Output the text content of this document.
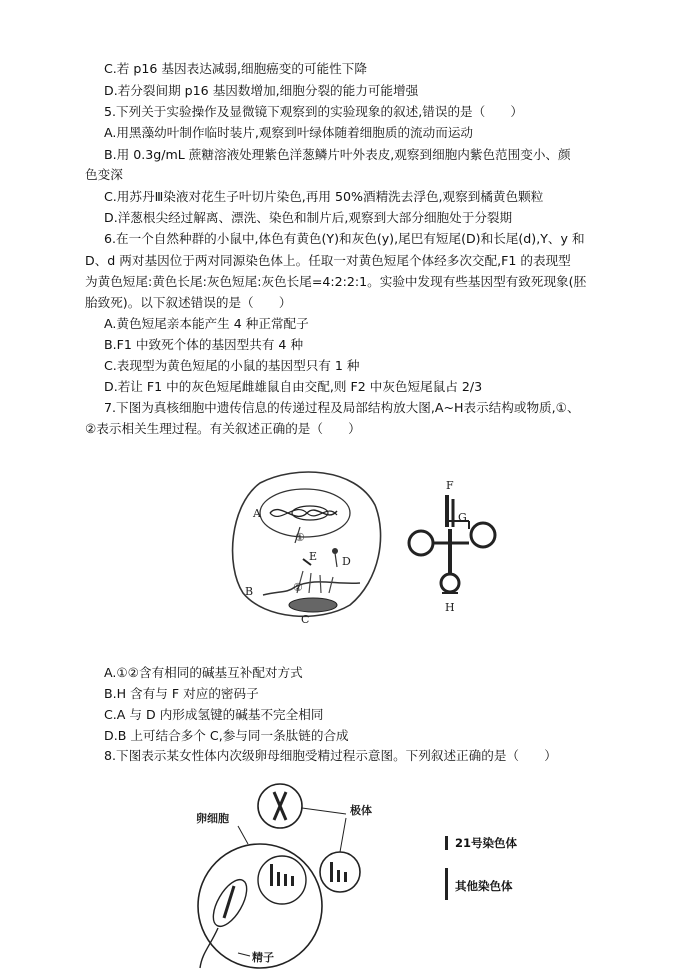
C.若 p16 基因表达减弱,细胞癌变的可能性下降
D.若分裂间期 p16 基因数增加,细胞分裂的能力可能增强
5.下列关于实验操作及显微镜下观察到的实验现象的叙述,错误的是（　　）
A.用黑藻幼叶制作临时装片,观察到叶绿体随着细胞质的流动而运动
B.用 0.3g/mL 蔗糖溶液处理紫色洋葱鳞片叶外表皮,观察到细胞内紫色范围变小、颜
色变深
C.用苏丹Ⅲ染液对花生子叶切片染色,再用 50%酒精洗去浮色,观察到橘黄色颗粒
D.洋葱根尖经过解离、漂洗、染色和制片后,观察到大部分细胞处于分裂期
6.在一个自然种群的小鼠中,体色有黄色(Y)和灰色(y),尾巴有短尾(D)和长尾(d),Y、y 和
D、d 两对基因位于两对同源染色体上。任取一对黄色短尾个体经多次交配,F1 的表现型
为黄色短尾:黄色长尾:灰色短尾:灰色长尾=4:2:2:1。实验中发现有些基因型有致死现象(胚
胎致死)。以下叙述错误的是（　　）
A.黄色短尾亲本能产生 4 种正常配子
B.F1 中致死个体的基因型共有 4 种
C.表现型为黄色短尾的小鼠的基因型只有 1 种
D.若让 F1 中的灰色短尾雌雄鼠自由交配,则 F2 中灰色短尾鼠占 2/3
7.下图为真核细胞中遗传信息的传递过程及局部结构放大图,A~H表示结构或物质,①、
②表示相关生理过程。有关叙述正确的是（　　）
A
B
C
D
E
②
①
F
G
H
A.①②含有相同的碱基互补配对方式
B.H 含有与 F 对应的密码子
C.A 与 D 内形成氢键的碱基不完全相同
D.B 上可结合多个 C,参与同一条肽链的合成
8.下图表示某女性体内次级卵母细胞受精过程示意图。下列叙述正确的是（　　）
卵细胞
极体
精子
21号染色体
其他染色体
